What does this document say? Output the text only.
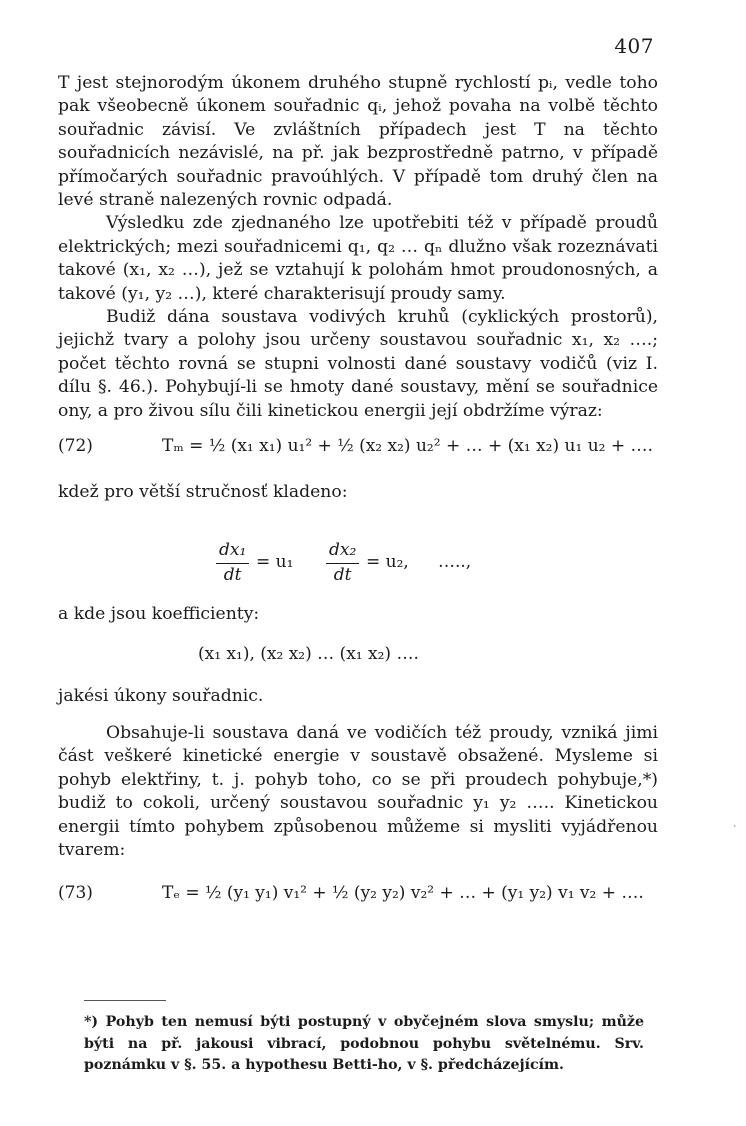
407

T jest stejnorodým úkonem druhého stupně rychlostí pᵢ, vedle toho pak všeobecně úkonem souřadnic qᵢ, jehož povaha na volbě těchto souřadnic závisí. Ve zvláštních případech jest T na těchto souřadnicích nezávislé, na př. jak bezprostředně patrno, v případě přímočarých souřadnic pravoúhlých. V případě tom druhý člen na levé straně nalezených rovnic odpadá.

Výsledku zde zjednaného lze upotřebiti též v případě proudů elektrických; mezi souřadnicemi q₁, q₂ … qₙ dlužno však rozeznávati takové (x₁, x₂ …), jež se vztahují k polohám hmot proudonosných, a takové (y₁, y₂ …), které charakterisují proudy samy.

Budiž dána soustava vodivých kruhů (cyklických prostorů), jejichž tvary a polohy jsou určeny soustavou souřadnic x₁, x₂ ….; počet těchto rovná se stupni volnosti dané soustavy vodičů (viz I. dílu §. 46.). Pohybují-li se hmoty dané soustavy, mění se souřadnice ony, a pro živou sílu čili kinetickou energii její obdržíme výraz:

(72)	Tₘ = ½ (x₁ x₁) u₁² + ½ (x₂ x₂) u₂² + … + (x₁ x₂) u₁ u₂ + ….

kdež pro větší stručnosť kladeno:

$\frac{\text{dx₁}}{dt} = u_1 \frac{\text{dx₂}}{dt} = u_2$, …..,

a kde jsou koefficienty:

(x₁ x₁), (x₂ x₂) … (x₁ x₂) ….

jakési úkony souřadnic.

Obsahuje-li soustava daná ve vodičích též proudy, vzniká jimi část veškeré kinetické energie v soustavě obsažené. Mysleme si pohyb elektřiny, t. j. pohyb toho, co se při proudech pohybuje,*) budiž to cokoli, určený soustavou souřadnic y₁ y₂ ….. Kinetickou energii tímto pohybem způsobenou můžeme si mysliti vyjádřenou tvarem:

(73)	Tₑ = ½ (y₁ y₁) v₁² + ½ (y₂ y₂) v₂² + … + (y₁ y₂) v₁ v₂ + ….

*) Pohyb ten nemusí býti postupný v obyčejném slova smyslu; může býti na př. jakousi vibrací, podobnou pohybu světelnému. Srv. poznámku v §. 55. a hypothesu Betti-ho, v §. předcházejícím.

·
